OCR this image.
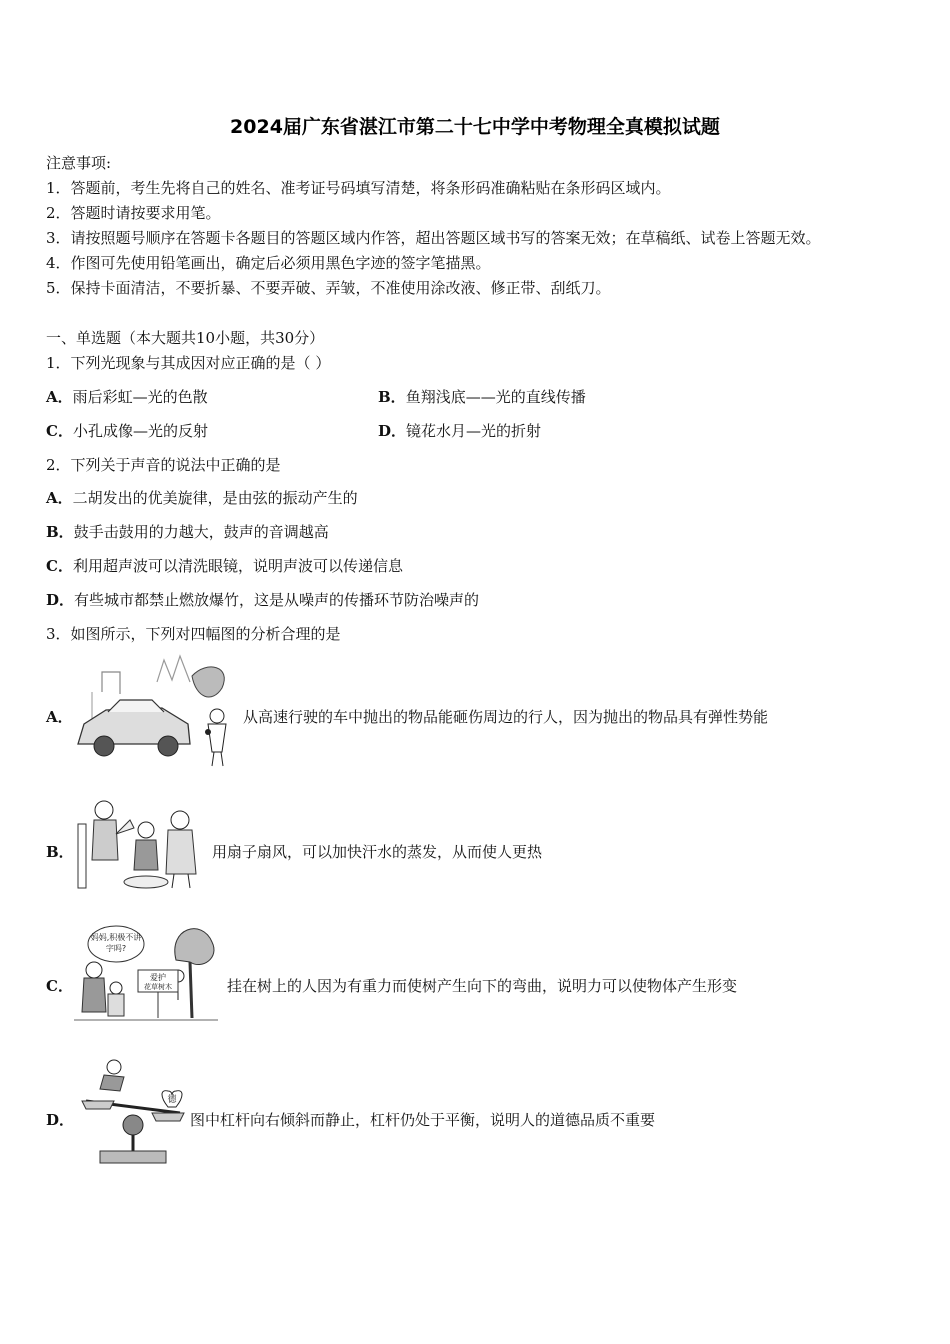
2024届广东省湛江市第二十七中学中考物理全真模拟试题
注意事项:
1．答题前，考生先将自己的姓名、准考证号码填写清楚，将条形码准确粘贴在条形码区域内。
2．答题时请按要求用笔。
3．请按照题号顺序在答题卡各题目的答题区域内作答，超出答题区域书写的答案无效；在草稿纸、试卷上答题无效。
4．作图可先使用铅笔画出，确定后必须用黑色字迹的签字笔描黑。
5．保持卡面清洁，不要折暴、不要弄破、弄皱，不准使用涂改液、修正带、刮纸刀。
一、单选题（本大题共10小题，共30分）
1．下列光现象与其成因对应正确的是（ ）
A．雨后彩虹—光的色散	B．鱼翔浅底——光的直线传播
C．小孔成像—光的反射	D．镜花水月—光的折射
2．下列关于声音的说法中正确的是
A．二胡发出的优美旋律，是由弦的振动产生的
B．鼓手击鼓用的力越大，鼓声的音调越高
C．利用超声波可以清洗眼镜，说明声波可以传递信息
D．有些城市都禁止燃放爆竹，这是从噪声的传播环节防治噪声的
3．如图所示，下列对四幅图的分析合理的是
A．	从高速行驶的车中抛出的物品能砸伤周边的行人，因为抛出的物品具有弹性势能
B．	用扇子扇风，可以加快汗水的蒸发，从而使人更热
C．
妈妈,积极不讲
字吗?
爱护
花草树木	挂在树上的人因为有重力而使树产生向下的弯曲，说明力可以使物体产生形变
D．
德
图中杠杆向右倾斜而静止，杠杆仍处于平衡，说明人的道德品质不重要
